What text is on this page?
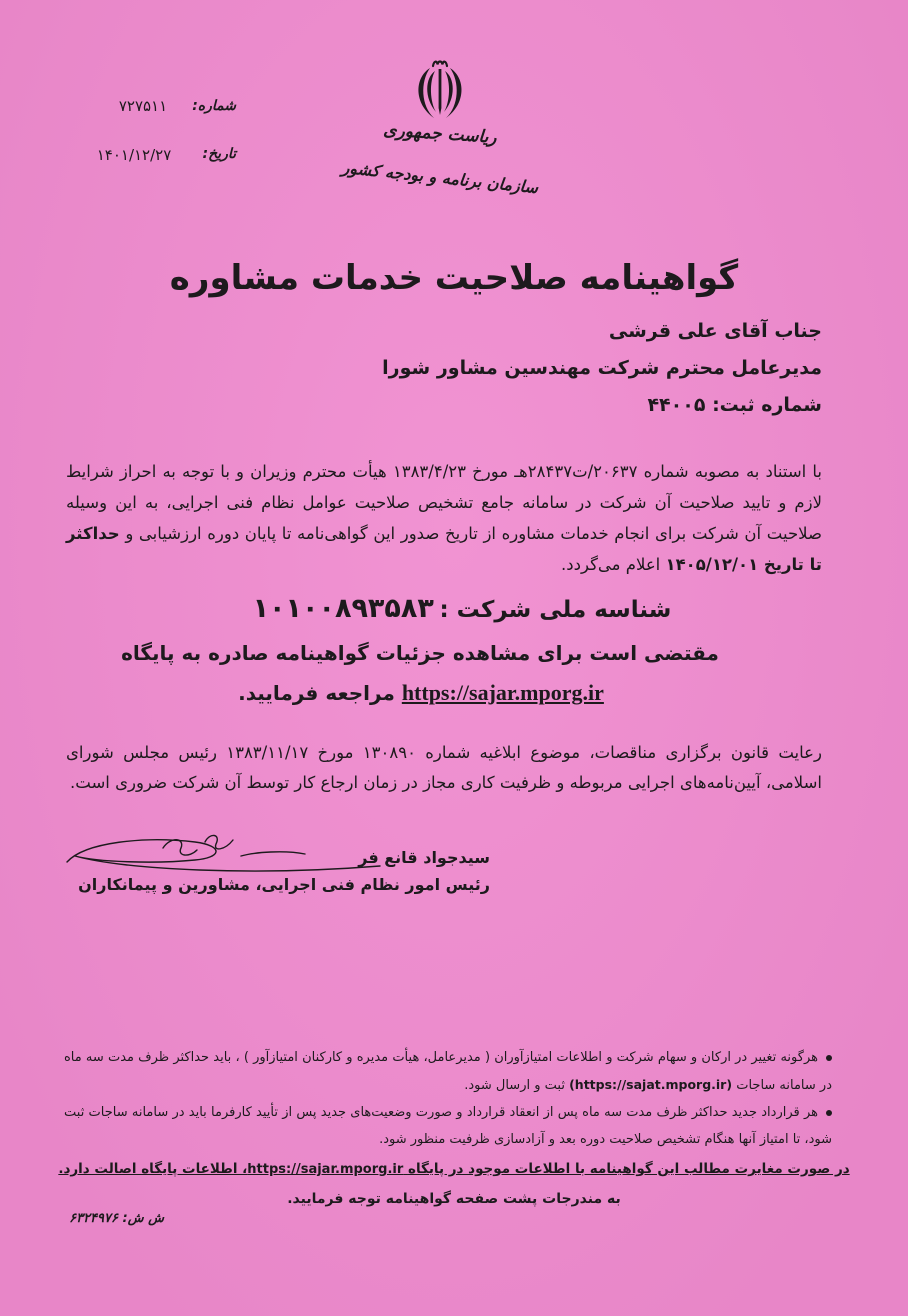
ریاست جمهوری
سازمان برنامه و بودجه کشور
شماره:
۷۲۷۵۱۱
تاریخ:
۱۴۰۱/۱۲/۲۷
گواهینامه صلاحیت خدمات مشاوره
جناب آقای علی قرشی
مدیرعامل محترم شرکت مهندسین مشاور شورا
شماره ثبت: ۴۴۰۰۵

با استناد به مصوبه شماره ۲۰۶۳۷/ت۲۸۴۳۷هـ مورخ ۱۳۸۳/۴/۲۳ هیأت محترم وزیران و با توجه به احراز شرایط لازم و تایید صلاحیت آن شرکت در سامانه جامع تشخیص صلاحیت عوامل نظام فنی اجرایی، به این وسیله صلاحیت آن شرکت برای انجام خدمات مشاوره از تاریخ صدور این گواهی‌نامه تا پایان دوره ارزشیابی و حداکثر تا تاریخ ۱۴۰۵/۱۲/۰۱ اعلام می‌گردد.

شناسه ملی شرکت : ۱۰۱۰۰۸۹۳۵۸۳
مقتضی است برای مشاهده جزئیات گواهینامه صادره به پایگاه
https://sajar.mporg.ir مراجعه فرمایید.

رعایت قانون برگزاری مناقصات، موضوع ابلاغیه شماره ۱۳۰۸۹۰ مورخ ۱۳۸۳/۱۱/۱۷ رئیس مجلس شورای اسلامی، آیین‌نامه‌های اجرایی مربوطه و ظرفیت کاری مجاز در زمان ارجاع کار توسط آن شرکت ضروری است.

سیدجواد قانع فر
رئیس امور نظام فنی اجرایی، مشاورین و پیمانکاران

هرگونه تغییر در ارکان و سهام شرکت و اطلاعات امتیازآوران ( مدیرعامل، هیأت مدیره و کارکنان امتیازآور ) ، باید حداکثر ظرف مدت سه ماه در سامانه ساجات (https://sajat.mporg.ir) ثبت و ارسال شود.

هر قرارداد جدید حداکثر ظرف مدت سه ماه پس از انعقاد قرارداد و صورت وضعیت‌های جدید پس از تأیید کارفرما باید در سامانه ساجات ثبت شود، تا امتیاز آنها هنگام تشخیص صلاحیت دوره بعد و آزادسازی ظرفیت منظور شود.

در صورت مغایرت مطالب این گواهینامه با اطلاعات موجود در پایگاه https://sajar.mporg.ir، اطلاعات پایگاه اصالت دارد.
به مندرجات پشت صفحه گواهینامه توجه فرمایید.
ش ش: ۶۳۲۴۹۷۶
